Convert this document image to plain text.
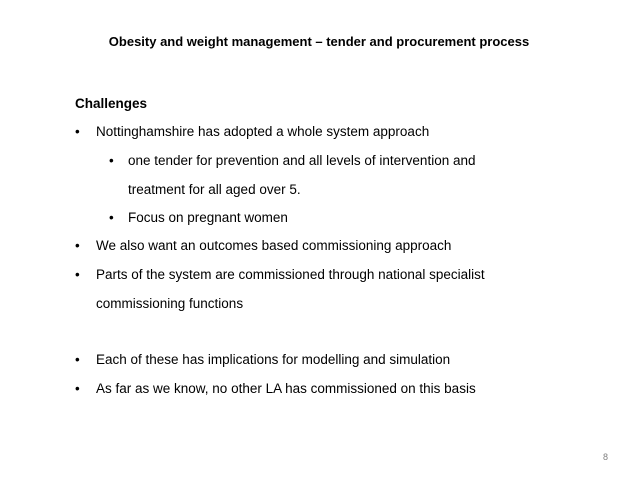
Obesity and weight management – tender and procurement process
Challenges
• Nottinghamshire has adopted a whole system approach
• one tender for prevention and all levels of intervention and
treatment for all aged over 5.
• Focus on pregnant women
• We also want an outcomes based commissioning approach
• Parts of the system are commissioned through national specialist
commissioning functions
• Each of these has implications for modelling and simulation
• As far as we know, no other LA has commissioned on this basis
8
